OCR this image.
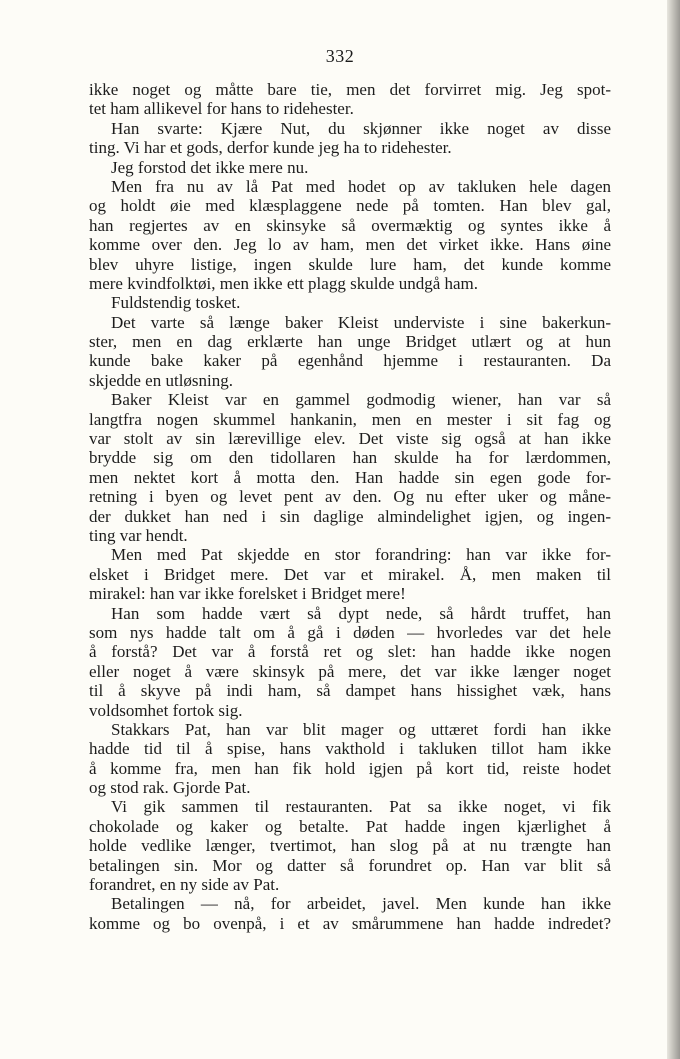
332
ikke noget og måtte bare tie, men det forvirret mig. Jeg spot-
tet ham allikevel for hans to ridehester.
Han svarte: Kjære Nut, du skjønner ikke noget av disse
ting. Vi har et gods, derfor kunde jeg ha to ridehester.
Jeg forstod det ikke mere nu.
Men fra nu av lå Pat med hodet op av takluken hele dagen
og holdt øie med klæsplaggene nede på tomten. Han blev gal,
han regjertes av en skinsyke så overmæktig og syntes ikke å
komme over den. Jeg lo av ham, men det virket ikke. Hans øine
blev uhyre listige, ingen skulde lure ham, det kunde komme
mere kvindfolktøi, men ikke ett plagg skulde undgå ham.
Fuldstendig tosket.
Det varte så længe baker Kleist underviste i sine bakerkun-
ster, men en dag erklærte han unge Bridget utlært og at hun
kunde bake kaker på egenhånd hjemme i restauranten. Da
skjedde en utløsning.
Baker Kleist var en gammel godmodig wiener, han var så
langtfra nogen skummel hankanin, men en mester i sit fag og
var stolt av sin lærevillige elev. Det viste sig også at han ikke
brydde sig om den tidollaren han skulde ha for lærdommen,
men nektet kort å motta den. Han hadde sin egen gode for-
retning i byen og levet pent av den. Og nu efter uker og måne-
der dukket han ned i sin daglige almindelighet igjen, og ingen-
ting var hendt.
Men med Pat skjedde en stor forandring: han var ikke for-
elsket i Bridget mere. Det var et mirakel. Å, men maken til
mirakel: han var ikke forelsket i Bridget mere!
Han som hadde vært så dypt nede, så hårdt truffet, han
som nys hadde talt om å gå i døden — hvorledes var det hele
å forstå? Det var å forstå ret og slet: han hadde ikke nogen
eller noget å være skinsyk på mere, det var ikke længer noget
til å skyve på indi ham, så dampet hans hissighet væk, hans
voldsomhet fortok sig.
Stakkars Pat, han var blit mager og uttæret fordi han ikke
hadde tid til å spise, hans vakthold i takluken tillot ham ikke
å komme fra, men han fik hold igjen på kort tid, reiste hodet
og stod rak. Gjorde Pat.
Vi gik sammen til restauranten. Pat sa ikke noget, vi fik
chokolade og kaker og betalte. Pat hadde ingen kjærlighet å
holde vedlike længer, tvertimot, han slog på at nu trængte han
betalingen sin. Mor og datter så forundret op. Han var blit så
forandret, en ny side av Pat.
Betalingen — nå, for arbeidet, javel. Men kunde han ikke
komme og bo ovenpå, i et av smårummene han hadde indredet?
